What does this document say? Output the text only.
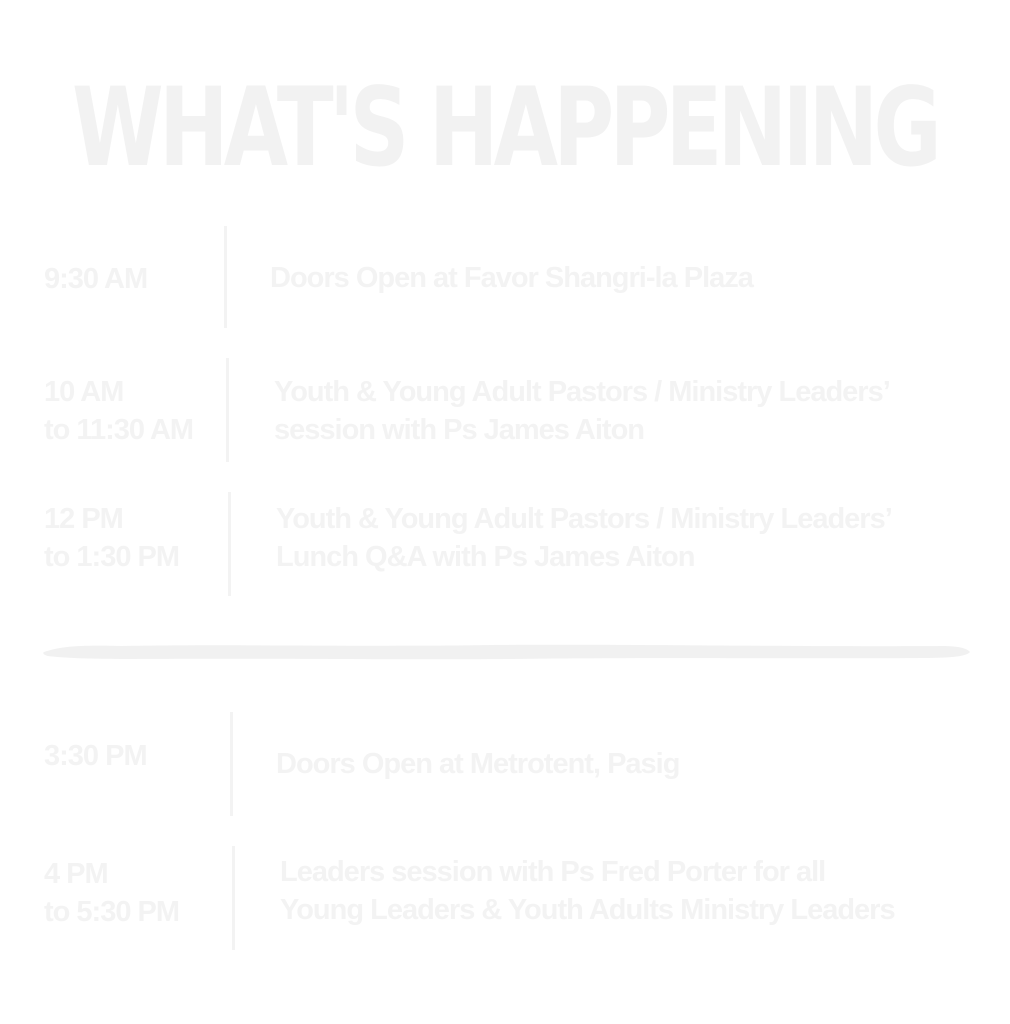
WHAT'S HAPPENING
9:30 AM	Doors Open at Favor Shangri-la Plaza
10 AM
to 11:30 AM
Youth & Young Adult Pastors / Ministry Leaders’
session with Ps James Aiton
12 PM
to 1:30 PM
Youth & Young Adult Pastors / Ministry Leaders’
Lunch Q&A with Ps James Aiton
3:30 PM	Doors Open at Metrotent, Pasig
4 PM
to 5:30 PM
Leaders session with Ps Fred Porter for all
Young Leaders & Youth Adults Ministry Leaders
